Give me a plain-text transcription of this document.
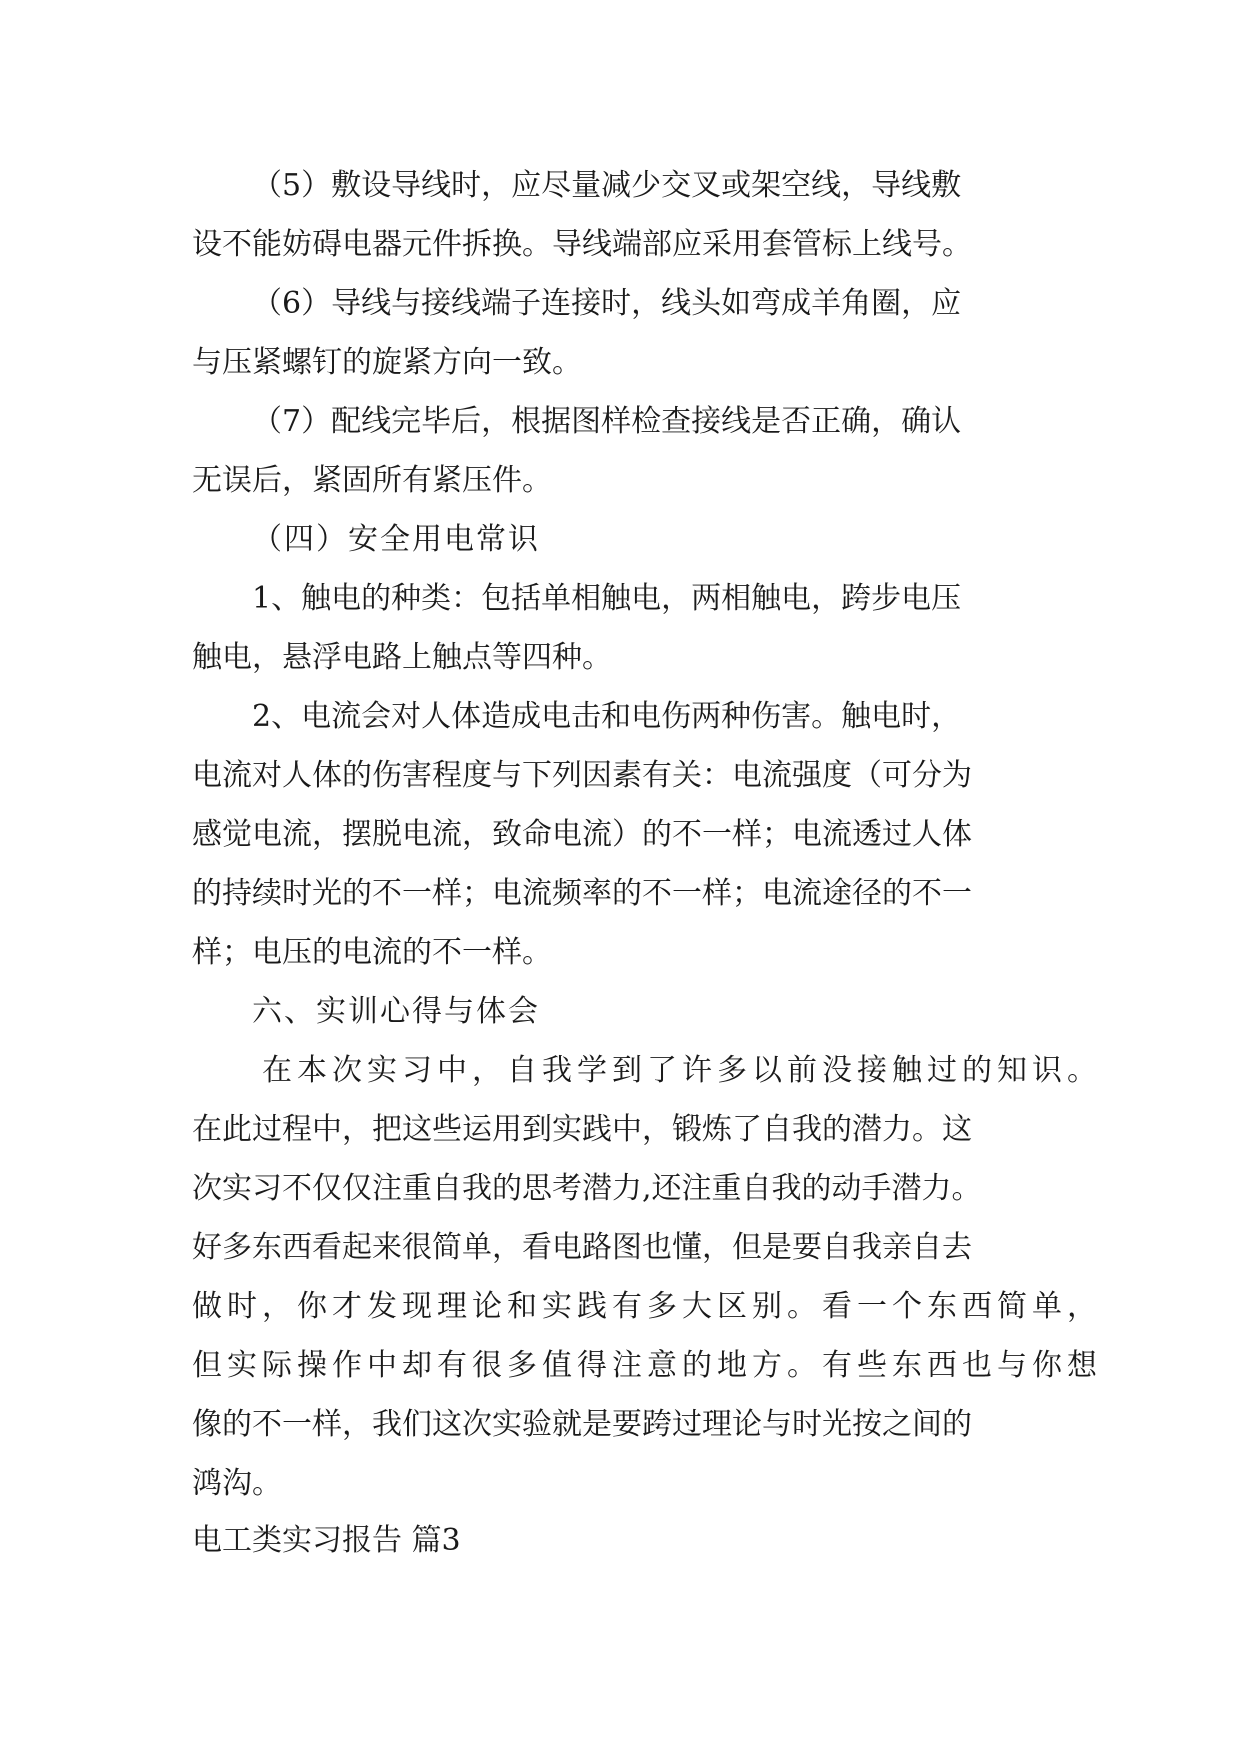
（5）敷设导线时，应尽量减少交叉或架空线，导线敷
设不能妨碍电器元件拆换。导线端部应采用套管标上线号。
（6）导线与接线端子连接时，线头如弯成羊角圈，应
与压紧螺钉的旋紧方向一致。
（7）配线完毕后，根据图样检查接线是否正确，确认
无误后，紧固所有紧压件。
（四）安全用电常识
1、触电的种类：包括单相触电，两相触电，跨步电压
触电，悬浮电路上触点等四种。
2、电流会对人体造成电击和电伤两种伤害。触电时，
电流对人体的伤害程度与下列因素有关：电流强度（可分为
感觉电流，摆脱电流，致命电流）的不一样；电流透过人体
的持续时光的不一样；电流频率的不一样；电流途径的不一
样；电压的电流的不一样。
六、实训心得与体会
在本次实习中，自我学到了许多以前没接触过的知识。
在此过程中，把这些运用到实践中，锻炼了自我的潜力。这
次实习不仅仅注重自我的思考潜力,还注重自我的动手潜力。
好多东西看起来很简单，看电路图也懂，但是要自我亲自去
做时，你才发现理论和实践有多大区别。看一个东西简单，
但实际操作中却有很多值得注意的地方。有些东西也与你想
像的不一样，我们这次实验就是要跨过理论与时光按之间的
鸿沟。
电工类实习报告 篇3
